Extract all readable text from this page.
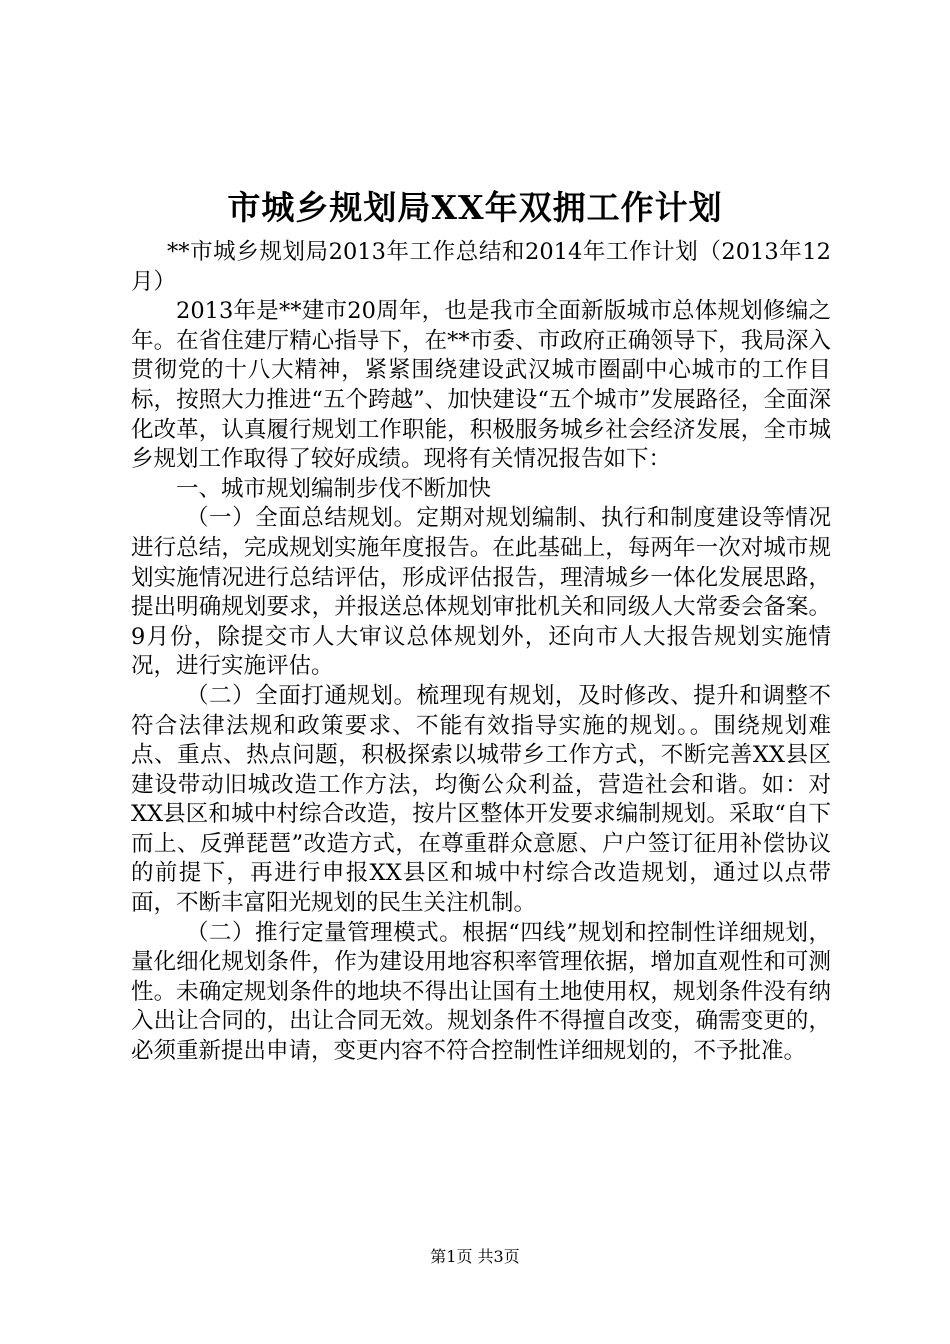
市城乡规划局XX年双拥工作计划

**市城乡规划局2013年工作总结和2014年工作计划（2013年12月）

2013年是**建市20周年，也是我市全面新版城市总体规划修编之年。在省住建厅精心指导下，在**市委、市政府正确领导下，我局深入贯彻党的十八大精神，紧紧围绕建设武汉城市圈副中心城市的工作目标，按照大力推进“五个跨越”、加快建设“五个城市”发展路径，全面深化改革，认真履行规划工作职能，积极服务城乡社会经济发展，全市城乡规划工作取得了较好成绩。现将有关情况报告如下：

一、城市规划编制步伐不断加快

（一）全面总结规划。定期对规划编制、执行和制度建设等情况进行总结，完成规划实施年度报告。在此基础上，每两年一次对城市规划实施情况进行总结评估，形成评估报告，理清城乡一体化发展思路，提出明确规划要求，并报送总体规划审批机关和同级人大常委会备案。9月份，除提交市人大审议总体规划外，还向市人大报告规划实施情况，进行实施评估。

（二）全面打通规划。梳理现有规划，及时修改、提升和调整不符合法律法规和政策要求、不能有效指导实施的规划。。围绕规划难点、重点、热点问题，积极探索以城带乡工作方式，不断完善XX县区建设带动旧城改造工作方法，均衡公众利益，营造社会和谐。如：对XX县区和城中村综合改造，按片区整体开发要求编制规划。采取“自下而上、反弹琵琶”改造方式，在尊重群众意愿、户户签订征用补偿协议的前提下，再进行申报XX县区和城中村综合改造规划，通过以点带面，不断丰富阳光规划的民生关注机制。

（二）推行定量管理模式。根据“四线”规划和控制性详细规划，量化细化规划条件，作为建设用地容积率管理依据，增加直观性和可测性。未确定规划条件的地块不得出让国有土地使用权，规划条件没有纳入出让合同的，出让合同无效。规划条件不得擅自改变，确需变更的，必须重新提出申请，变更内容不符合控制性详细规划的，不予批准。

第1页 共3页
